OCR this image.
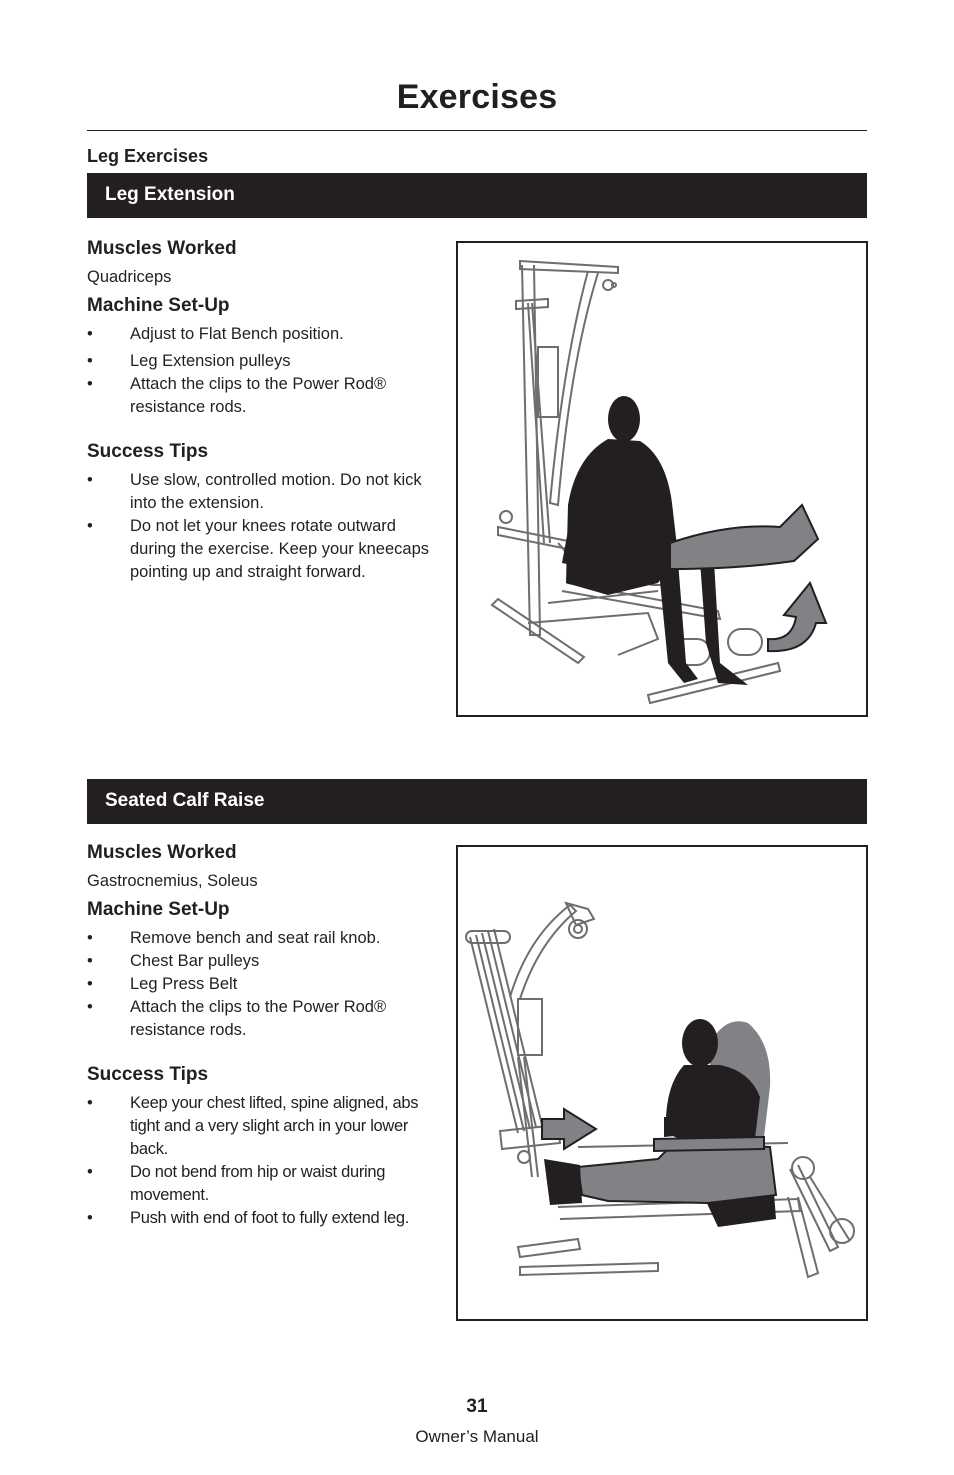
Exercises
Leg Exercises
Leg Extension

Muscles Worked

Quadriceps

Machine Set-Up

• Adjust to Flat Bench position.
• Leg Extension pulleys
• Attach the clips to the Power Rod® resistance rods.

Success Tips

• Use slow, controlled motion. Do not kick into the extension.
• Do not let your knees rotate outward during the exercise. Keep your kneecaps pointing up and straight forward.
Seated Calf Raise

Muscles Worked

Gastrocnemius, Soleus

Machine Set-Up

• Remove bench and seat rail knob.
• Chest Bar pulleys
• Leg Press Belt
• Attach the clips to the Power Rod® resistance rods.

Success Tips

• Keep your chest lifted, spine aligned, abs tight and a very slight arch in your lower back.
• Do not bend from hip or waist during movement.
• Push with end of foot to fully extend leg.
31
Owner’s Manual
